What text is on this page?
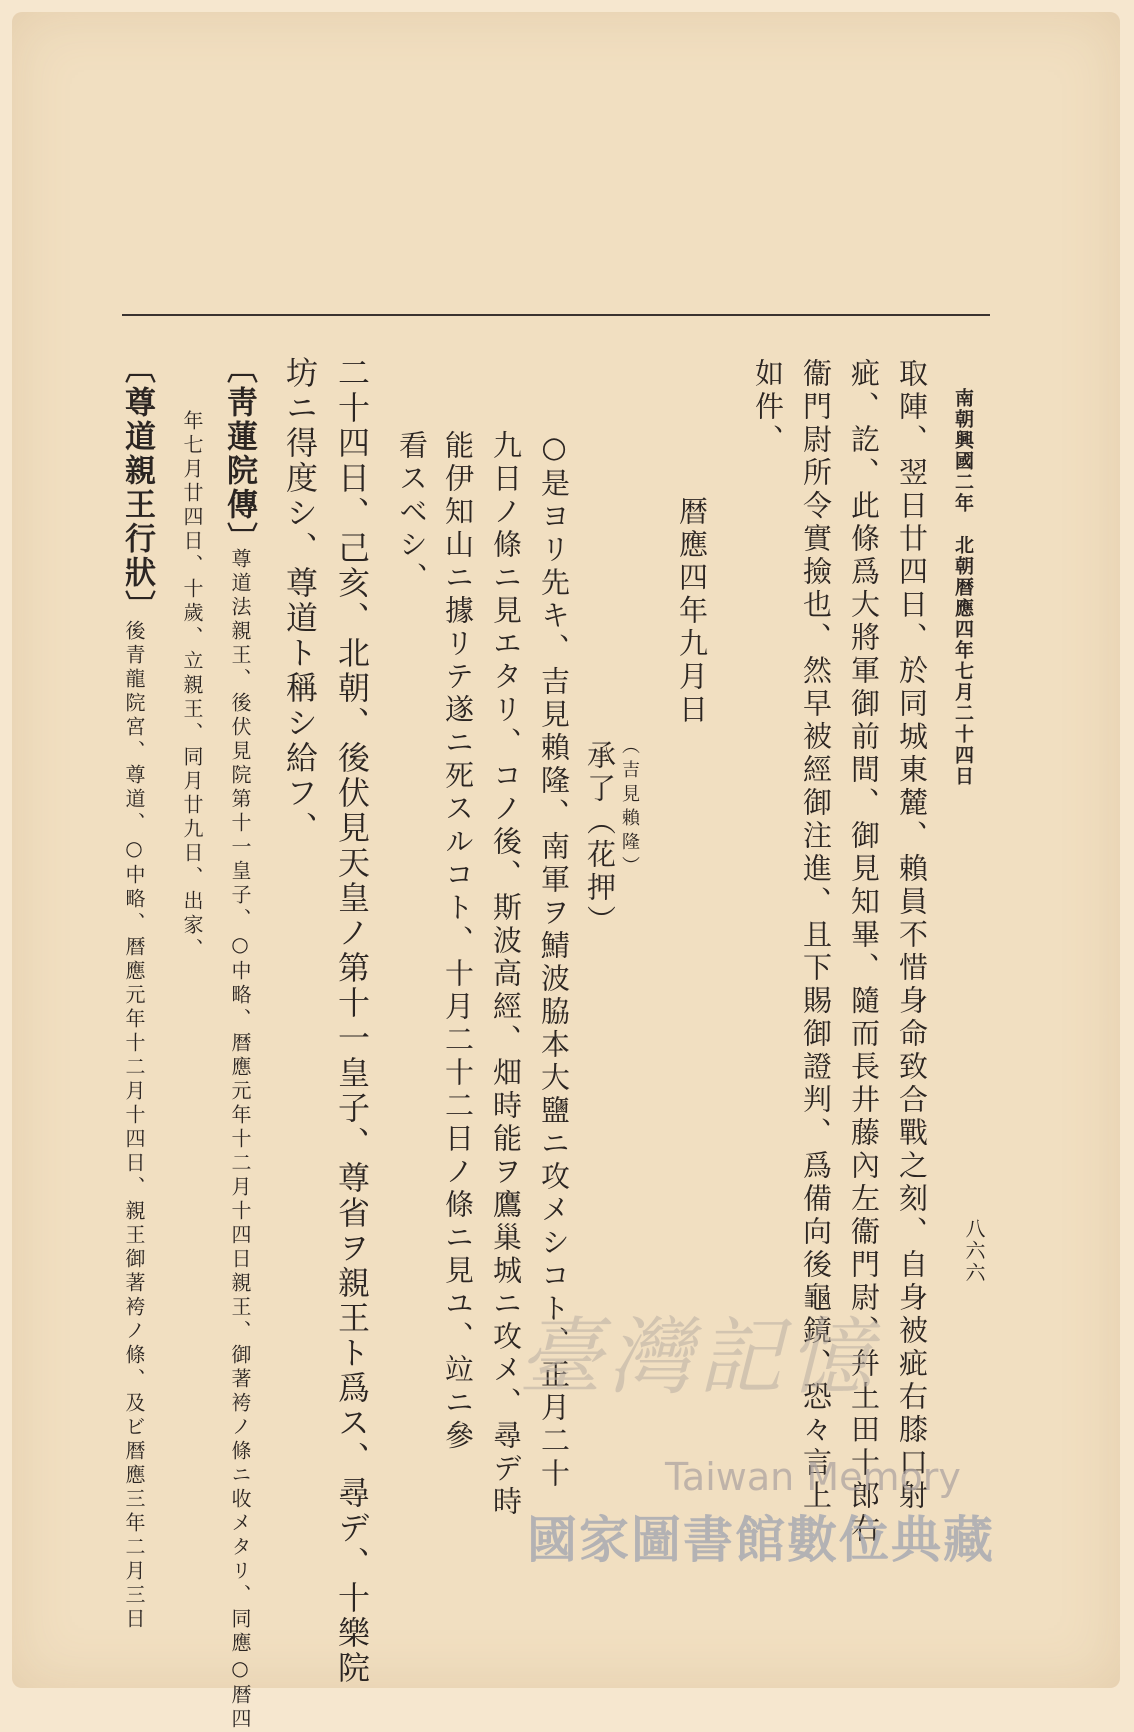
南朝興國二年　北朝暦應四年七月二十四日
八六六
取陣、翌日廿四日、於同城東麓、賴員不惜身命致合戰之刻、自身被疵右膝口射
疵、訖、此條爲大將軍御前間、御見知畢、隨而長井藤內左衞門尉、幷土田十郎右
衞門尉所令實撿也、然早被經御注進、且下賜御證判、爲備向後龜鏡、恐々言上
如件、
暦應四年九月日
（吉見賴隆）
承了（花押）
○是ヨリ先キ、吉見賴隆、南軍ヲ鯖波脇本大鹽ニ攻メシコト、正月二十
九日ノ條ニ見エタリ、コノ後、斯波高經、畑時能ヲ鷹巢城ニ攻メ、尋デ時
能伊知山ニ據リテ遂ニ死スルコト、十月二十二日ノ條ニ見ユ、竝ニ參
看スベシ、
二十四日、己亥、北朝、後伏見天皇ノ第十一皇子、尊省ヲ親王ト爲ス、尋デ、十樂院
坊ニ得度シ、尊道ト稱シ給フ、
〔靑蓮院傳〕
尊道法親王、後伏見院第十一皇子、○中略、暦應元年十二月十四日親王、御著袴ノ條ニ收メタリ、同應○暦四
年七月廿四日、十歲、立親王、同月廿九日、出家、
〔尊道親王行狀〕
後青龍院宮、尊道、○中略、暦應元年十二月十四日、親王御著袴ノ條、及ビ暦應三年二月三日	臺灣記憶
Taiwan Memory
國家圖書館數位典藏
